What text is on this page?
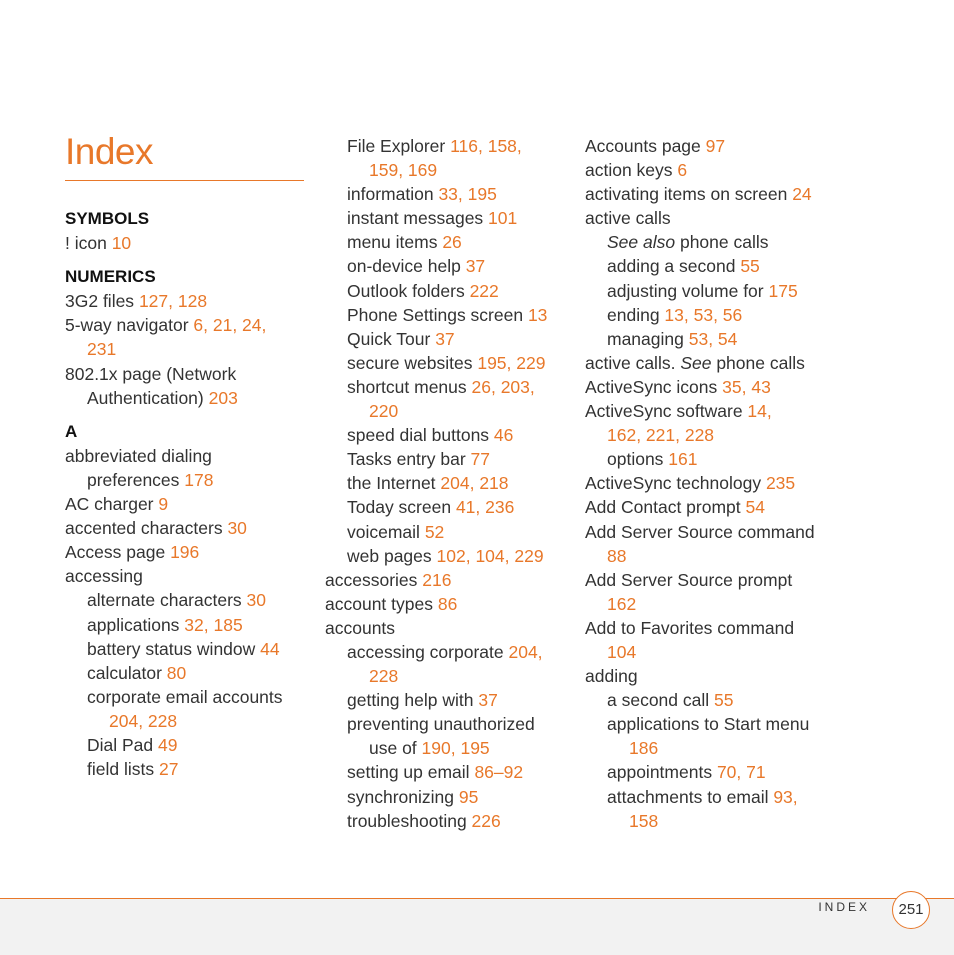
Index
SYMBOLS
! icon 10
NUMERICS
3G2 files 127, 128
5-way navigator 6, 21, 24,
231
802.1x page (Network
Authentication) 203
A
abbreviated dialing
preferences 178
AC charger 9
accented characters 30
Access page 196
accessing
alternate characters 30
applications 32, 185
battery status window 44
calculator 80
corporate email accounts
204, 228
Dial Pad 49
field lists 27
File Explorer 116, 158,
159, 169
information 33, 195
instant messages 101
menu items 26
on-device help 37
Outlook folders 222
Phone Settings screen 13
Quick Tour 37
secure websites 195, 229
shortcut menus 26, 203,
220
speed dial buttons 46
Tasks entry bar 77
the Internet 204, 218
Today screen 41, 236
voicemail 52
web pages 102, 104, 229
accessories 216
account types 86
accounts
accessing corporate 204,
228
getting help with 37
preventing unauthorized
use of 190, 195
setting up email 86–92
synchronizing 95
troubleshooting 226
Accounts page 97
action keys 6
activating items on screen 24
active calls
See also phone calls
adding a second 55
adjusting volume for 175
ending 13, 53, 56
managing 53, 54
active calls. See phone calls
ActiveSync icons 35, 43
ActiveSync software 14,
162, 221, 228
options 161
ActiveSync technology 235
Add Contact prompt 54
Add Server Source command
88
Add Server Source prompt
162
Add to Favorites command
104
adding
a second call 55
applications to Start menu
186
appointments 70, 71
attachments to email 93,
158
INDEX	251
